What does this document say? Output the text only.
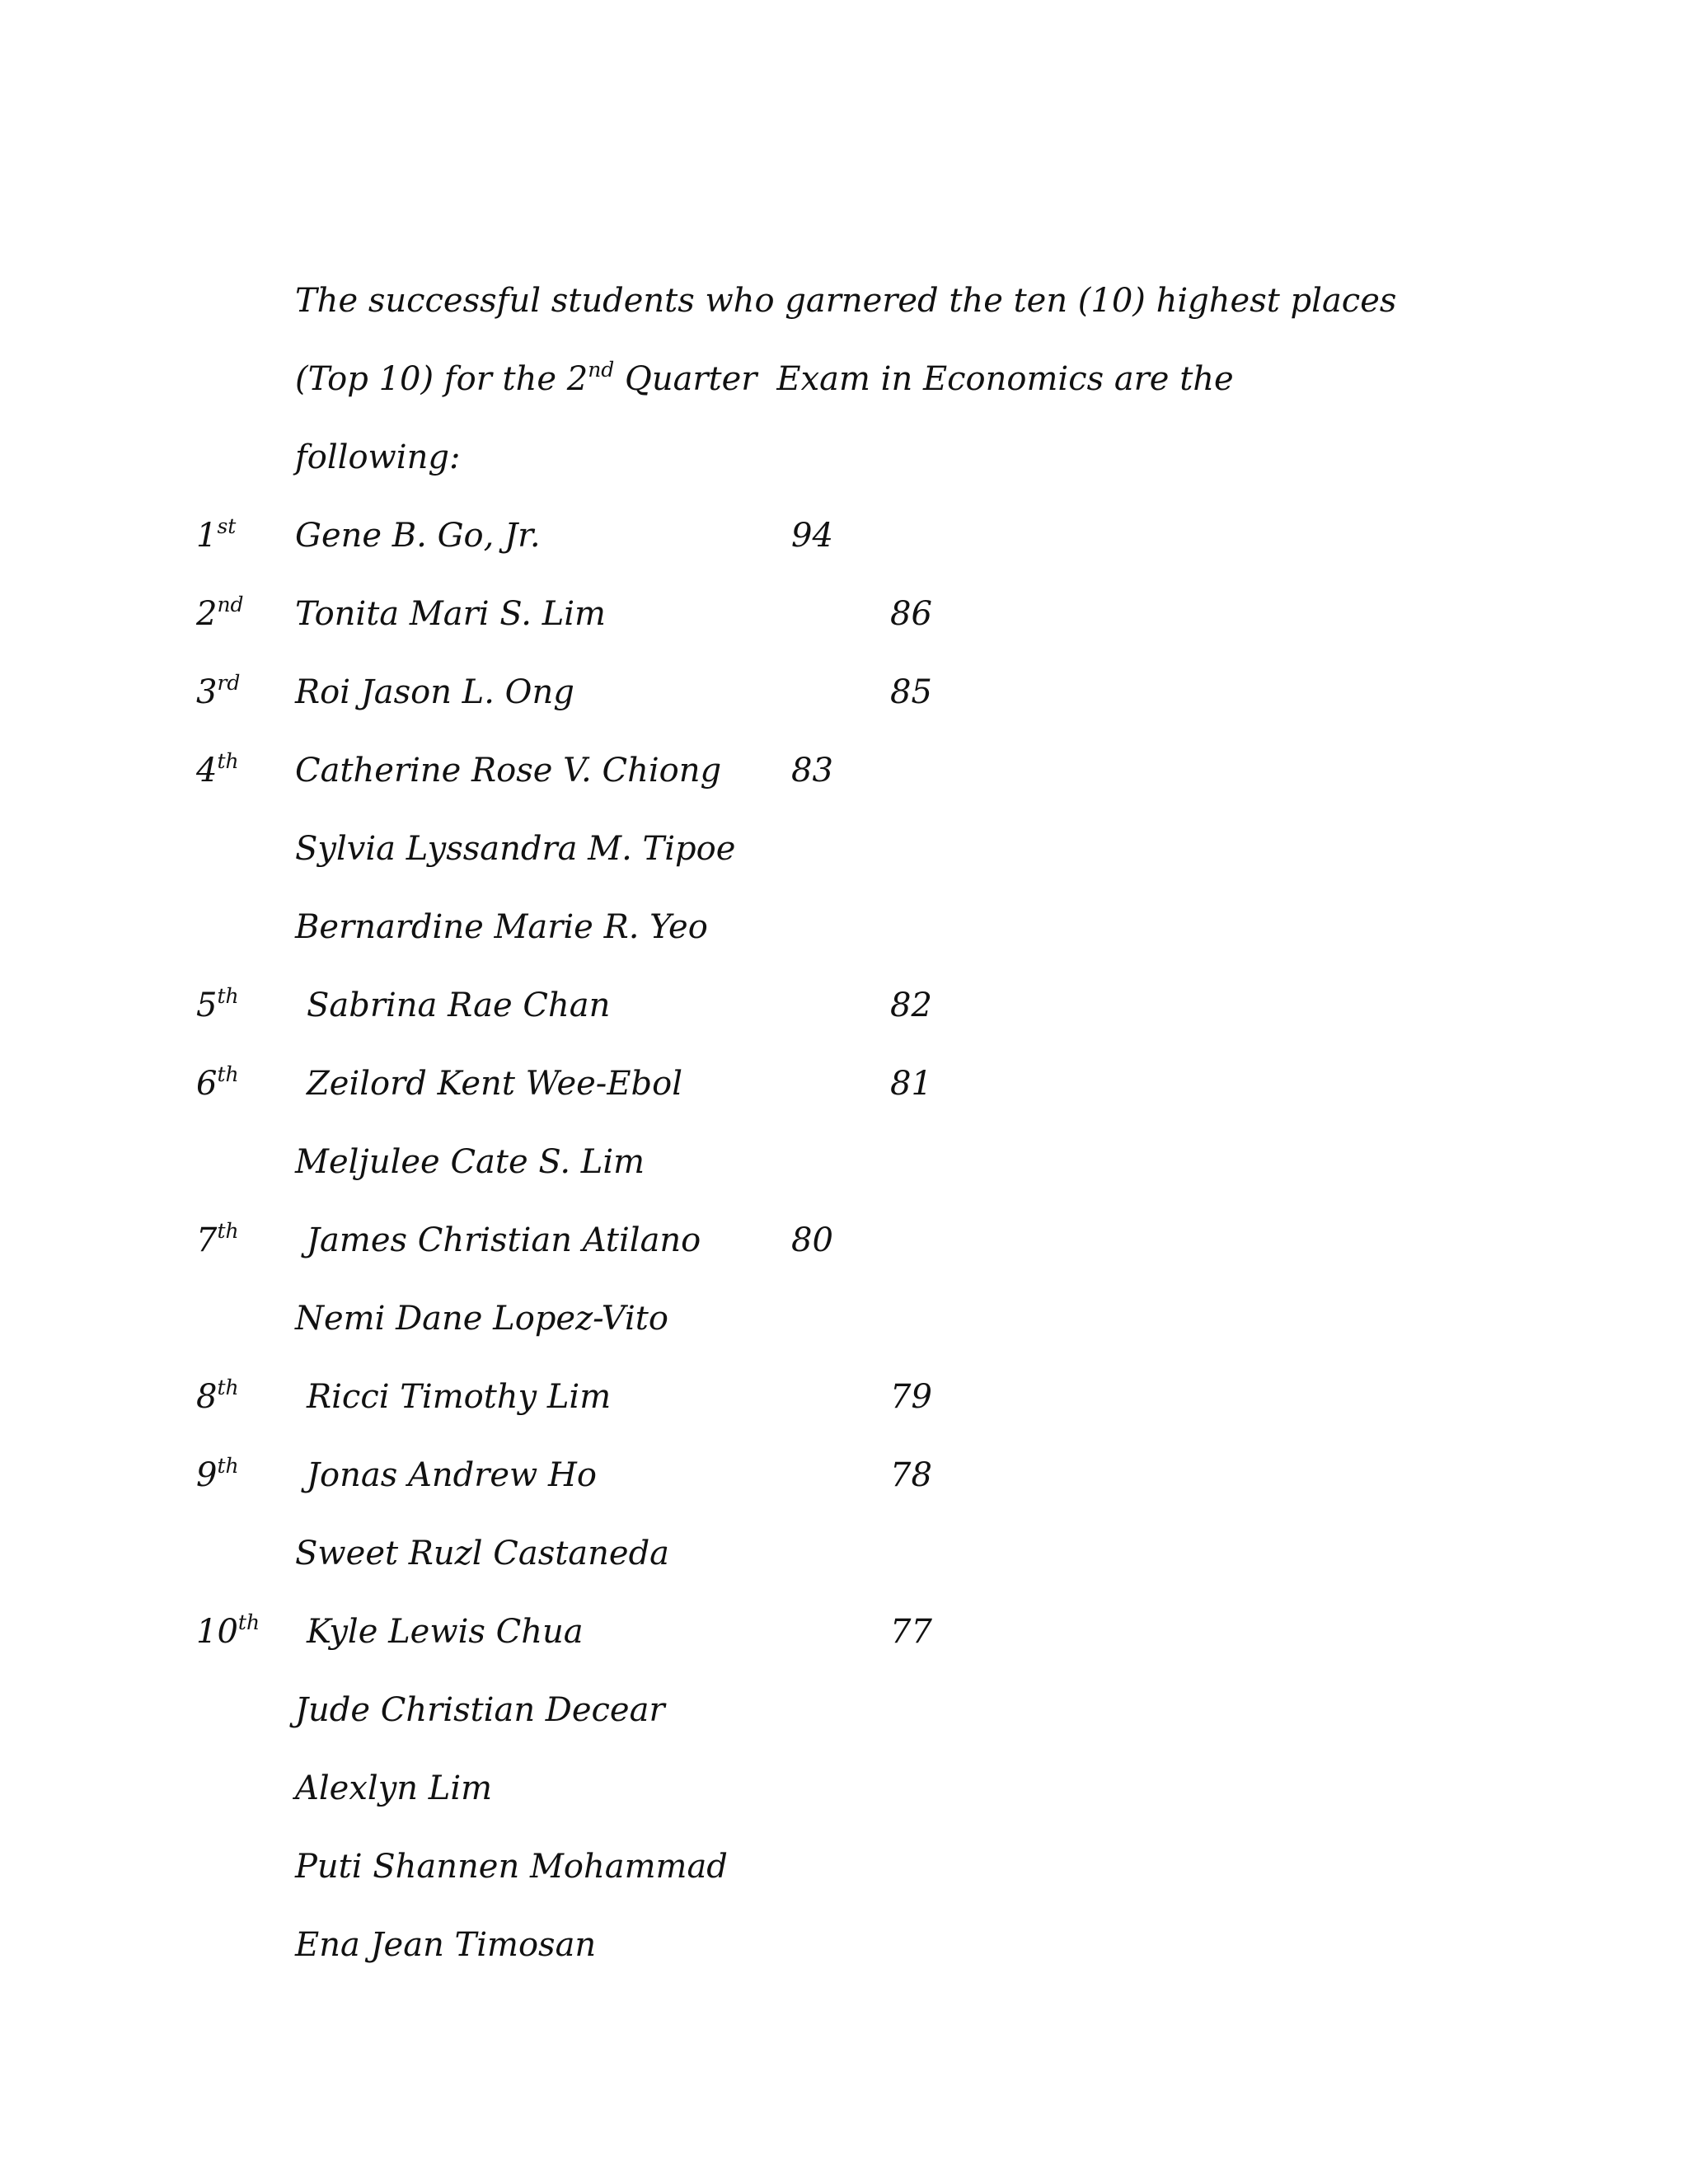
The successful students who garnered the ten (10) highest places
(Top 10) for the 2nd Quarter Exam in Economics are the
following:
1st Gene B. Go, Jr.	94
2nd Tonita Mari S. Lim	86
3rd Roi Jason L. Ong	85
4th Catherine Rose V. Chiong 83
Sylvia Lyssandra M. Tipoe
Bernardine Marie R. Yeo
5th Sabrina Rae Chan	82
6th Zeilord Kent Wee-Ebol	81
Meljulee Cate S. Lim
7th James Christian Atilano	80
Nemi Dane Lopez-Vito
8th Ricci Timothy Lim	79
9th Jonas Andrew Ho	78
Sweet Ruzl Castaneda
10th Kyle Lewis Chua	77
Jude Christian Decear
Alexlyn Lim
Puti Shannen Mohammad
Ena Jean Timosan
